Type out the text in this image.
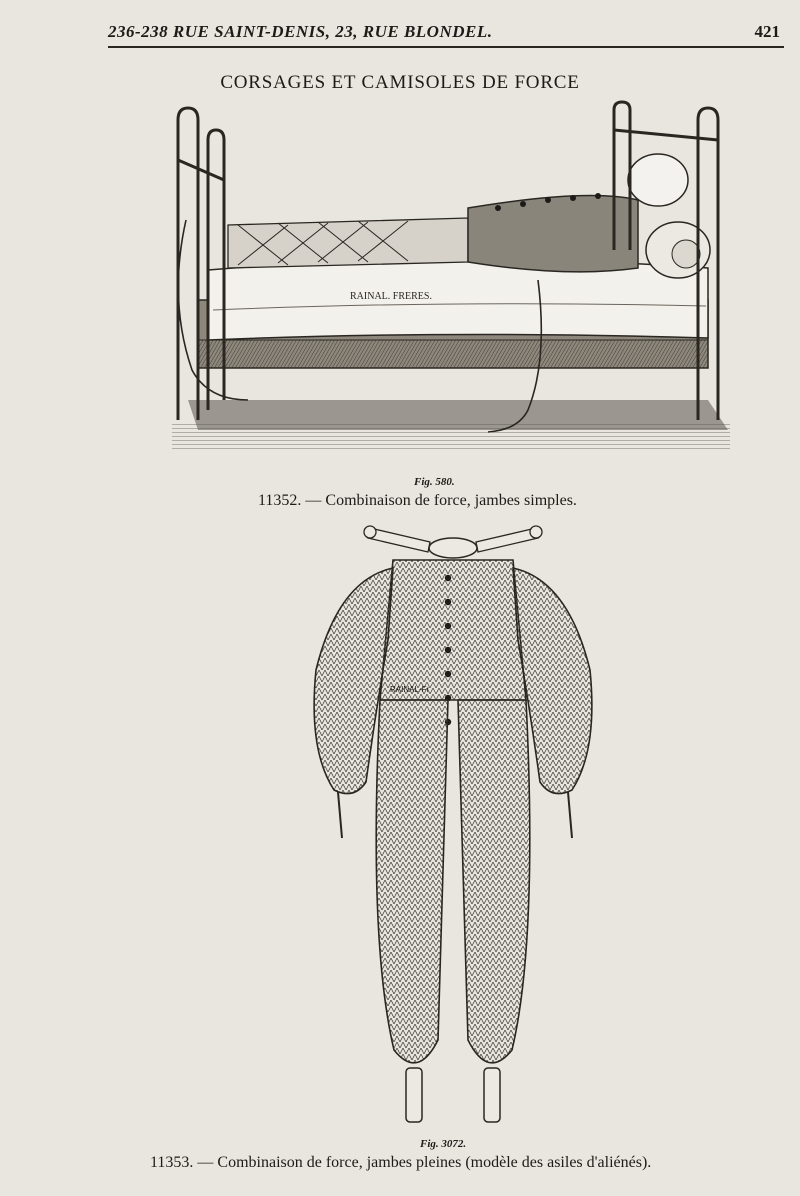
236-238 RUE SAINT-DENIS, 23, RUE BLONDEL.	421
CORSAGES ET CAMISOLES DE FORCE
RAINAL. FRERES.
Fig. 580.
11352. — Combinaison de force, jambes simples.
RAINAL-Fr
Fig. 3072.
11353. — Combinaison de force, jambes pleines (modèle des asiles d'aliénés).
